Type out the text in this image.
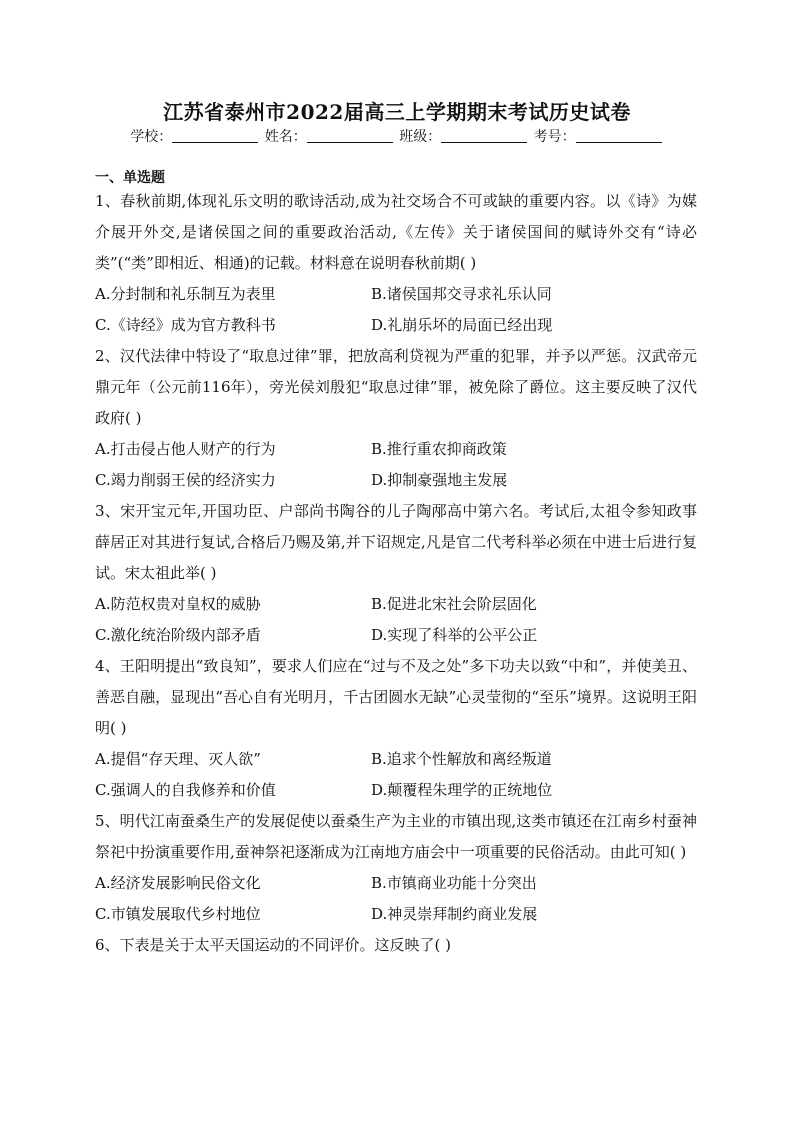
江苏省泰州市2022届高三上学期期末考试历史试卷
学校：	姓名：	班级：	考号：
一、单选题
1、春秋前期,体现礼乐文明的歌诗活动,成为社交场合不可或缺的重要内容。以《诗》为媒介展开外交,是诸侯国之间的重要政治活动,《左传》关于诸侯国间的赋诗外交有“诗必类”(“类”即相近、相通)的记载。材料意在说明春秋前期( )
A.分封制和礼乐制互为表里	B.诸侯国邦交寻求礼乐认同
C.《诗经》成为官方教科书	D.礼崩乐坏的局面已经出现
2、汉代法律中特设了“取息过律”罪，把放高利贷视为严重的犯罪，并予以严惩。汉武帝元鼎元年（公元前116年），旁光侯刘殷犯“取息过律”罪，被免除了爵位。这主要反映了汉代政府( )
A.打击侵占他人财产的行为	B.推行重农抑商政策
C.竭力削弱王侯的经济实力	D.抑制豪强地主发展
3、宋开宝元年,开国功臣、户部尚书陶谷的儿子陶邴高中第六名。考试后,太祖令参知政事薛居正对其进行复试,合格后乃赐及第,并下诏规定,凡是官二代考科举必须在中进士后进行复试。宋太祖此举( )
A.防范权贵对皇权的威胁	B.促进北宋社会阶层固化
C.激化统治阶级内部矛盾	D.实现了科举的公平公正
4、王阳明提出“致良知”，要求人们应在“过与不及之处”多下功夫以致“中和”，并使美丑、善恶自融，显现出“吾心自有光明月，千古团圆水无缺”心灵莹彻的“至乐”境界。这说明王阳明( )
A.提倡“存天理、灭人欲”	B.追求个性解放和离经叛道
C.强调人的自我修养和价值	D.颠覆程朱理学的正统地位
5、明代江南蚕桑生产的发展促使以蚕桑生产为主业的市镇出现,这类市镇还在江南乡村蚕神祭祀中扮演重要作用,蚕神祭祀逐渐成为江南地方庙会中一项重要的民俗活动。由此可知( )
A.经济发展影响民俗文化	B.市镇商业功能十分突出
C.市镇发展取代乡村地位	D.神灵崇拜制约商业发展
6、下表是关于太平天国运动的不同评价。这反映了( )
